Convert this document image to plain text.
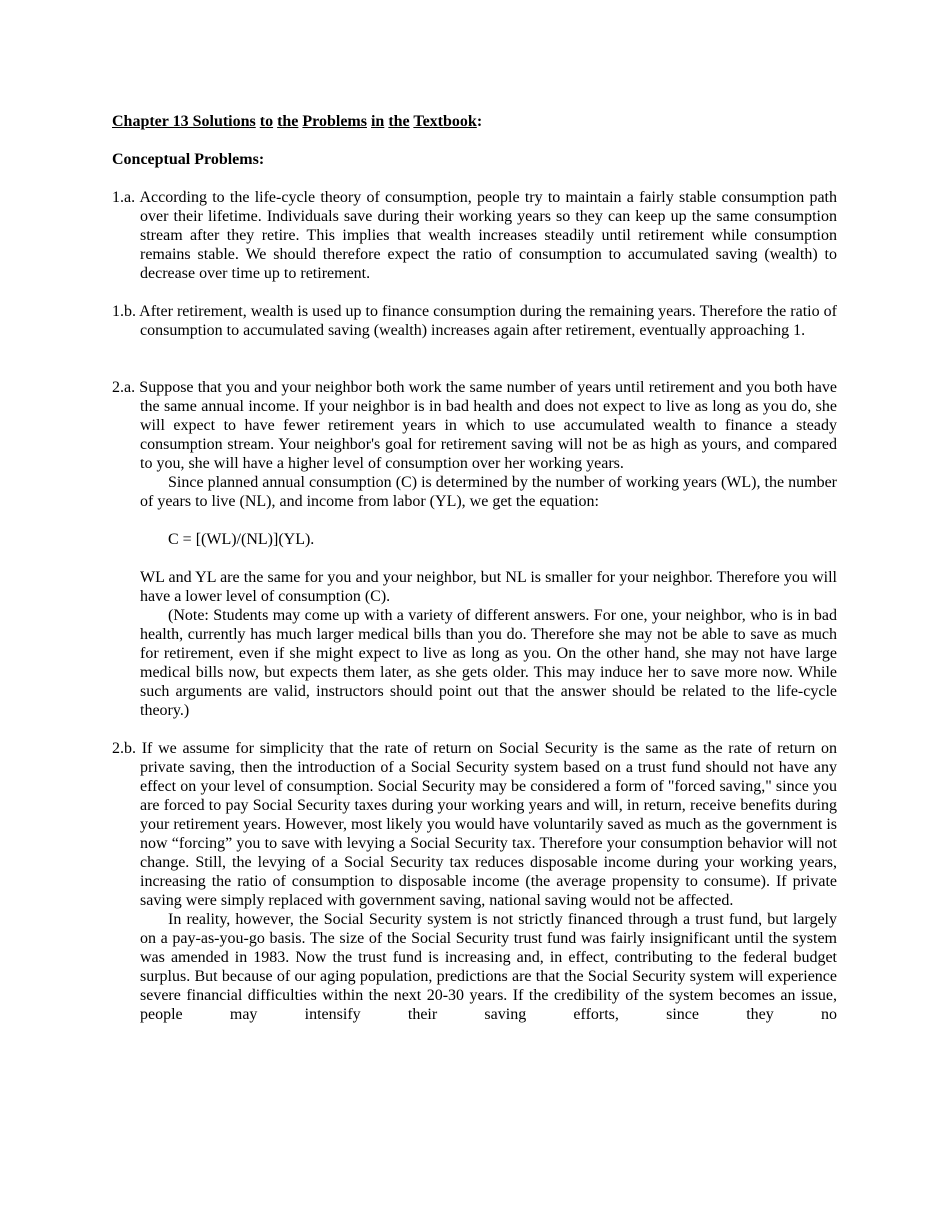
Chapter 13 Solutions to the Problems in the Textbook:
Conceptual Problems:

1.a. According to the life-cycle theory of consumption, people try to maintain a fairly stable consumption path over their lifetime. Individuals save during their working years so they can keep up the same consumption stream after they retire. This implies that wealth increases steadily until retirement while consumption remains stable. We should therefore expect the ratio of consumption to accumulated saving (wealth) to decrease over time up to retirement.

1.b. After retirement, wealth is used up to finance consumption during the remaining years. Therefore the ratio of consumption to accumulated saving (wealth) increases again after retirement, eventually approaching 1.

2.a. Suppose that you and your neighbor both work the same number of years until retirement and you both have the same annual income. If your neighbor is in bad health and does not expect to live as long as you do, she will expect to have fewer retirement years in which to use accumulated wealth to finance a steady consumption stream. Your neighbor's goal for retirement saving will not be as high as yours, and compared to you, she will have a higher level of consumption over her working years.

Since planned annual consumption (C) is determined by the number of working years (WL), the number of years to live (NL), and income from labor (YL), we get the equation:

C = [(WL)/(NL)](YL).

WL and YL are the same for you and your neighbor, but NL is smaller for your neighbor. Therefore you will have a lower level of consumption (C).

(Note: Students may come up with a variety of different answers. For one, your neighbor, who is in bad health, currently has much larger medical bills than you do. Therefore she may not be able to save as much for retirement, even if she might expect to live as long as you. On the other hand, she may not have large medical bills now, but expects them later, as she gets older. This may induce her to save more now. While such arguments are valid, instructors should point out that the answer should be related to the life-cycle theory.)

2.b. If we assume for simplicity that the rate of return on Social Security is the same as the rate of return on private saving, then the introduction of a Social Security system based on a trust fund should not have any effect on your level of consumption. Social Security may be considered a form of "forced saving," since you are forced to pay Social Security taxes during your working years and will, in return, receive benefits during your retirement years. However, most likely you would have voluntarily saved as much as the government is now “forcing” you to save with levying a Social Security tax. Therefore your consumption behavior will not change. Still, the levying of a Social Security tax reduces disposable income during your working years, increasing the ratio of consumption to disposable income (the average propensity to consume). If private saving were simply replaced with government saving, national saving would not be affected.

In reality, however, the Social Security system is not strictly financed through a trust fund, but largely on a pay-as-you-go basis. The size of the Social Security trust fund was fairly insignificant until the system was amended in 1983. Now the trust fund is increasing and, in effect, contributing to the federal budget surplus. But because of our aging population, predictions are that the Social Security system will experience severe financial difficulties within the next 20-30 years. If the credibility of the system becomes an issue, people may intensify their saving efforts, since they no
